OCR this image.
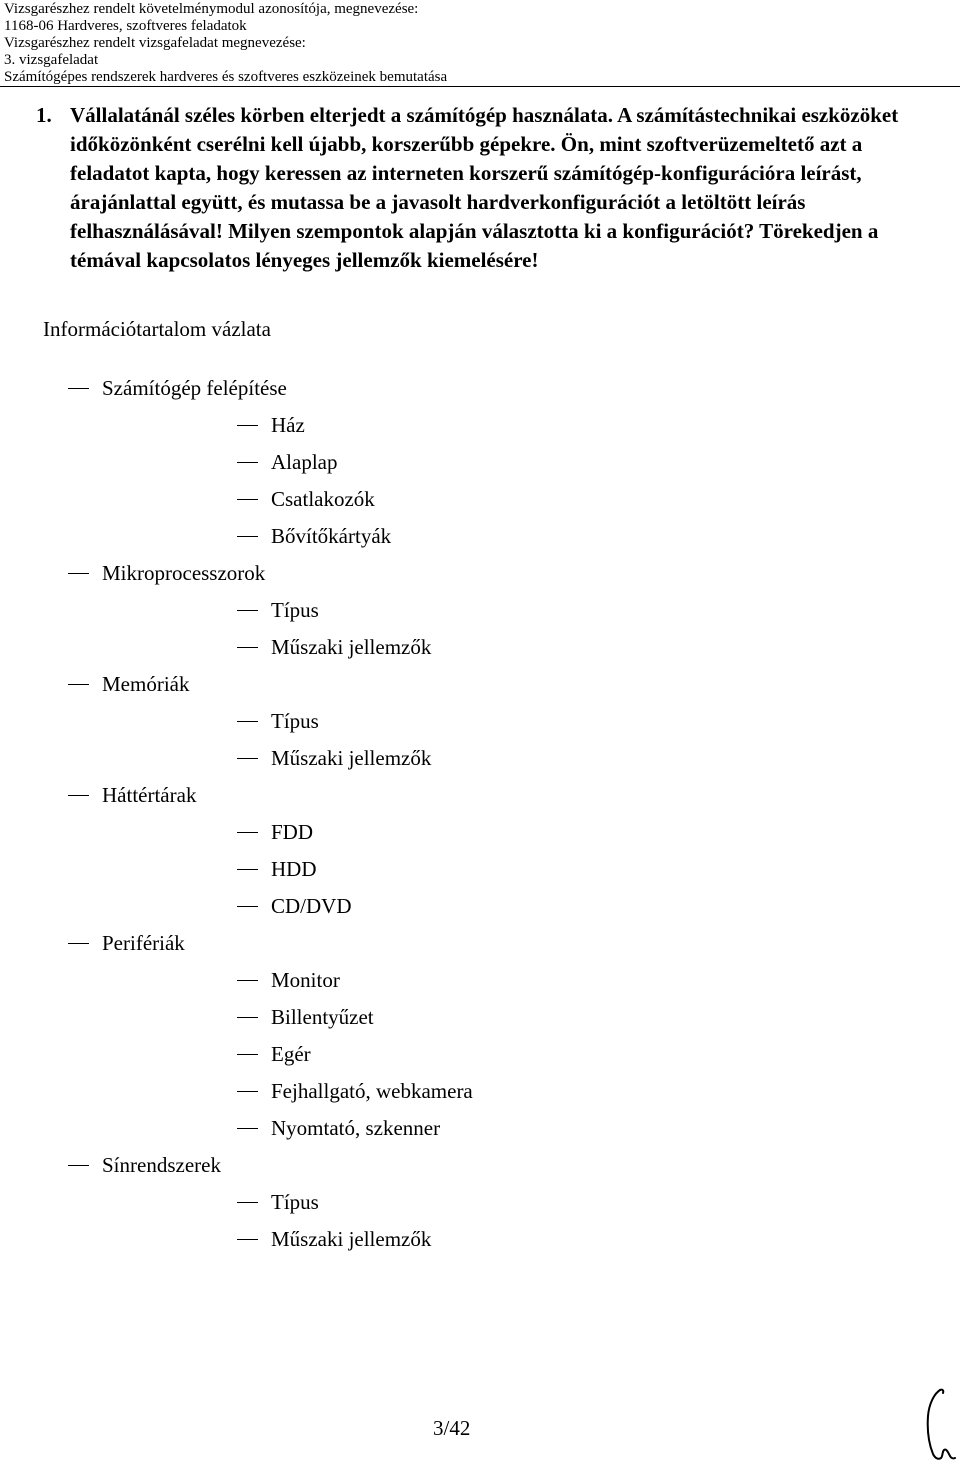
Vizsgarészhez rendelt követelménymodul azonosítója, megnevezése:
1168-06 Hardveres, szoftveres feladatok
Vizsgarészhez rendelt vizsgafeladat megnevezése:
3. vizsgafeladat
Számítógépes rendszerek hardveres és szoftveres eszközeinek bemutatása
1. Vállalatánál széles körben elterjedt a számítógép használata. A számítástechnikai eszközöket időközönként cserélni kell újabb, korszerűbb gépekre. Ön, mint szoftverüzemeltető azt a feladatot kapta, hogy keressen az interneten korszerű számítógép-konfigurációra leírást, árajánlattal együtt, és mutassa be a javasolt hardverkonfigurációt a letöltött leírás felhasználásával! Milyen szempontok alapján választotta ki a konfigurációt? Törekedjen a témával kapcsolatos lényeges jellemzők kiemelésére!
Információtartalom vázlata
Számítógép felépítése
Ház
Alaplap
Csatlakozók
Bővítőkártyák
Mikroprocesszorok
Típus
Műszaki jellemzők
Memóriák
Típus
Műszaki jellemzők
Háttértárak
FDD
HDD
CD/DVD
Perifériák
Monitor
Billentyűzet
Egér
Fejhallgató, webkamera
Nyomtató, szkenner
Sínrendszerek
Típus
Műszaki jellemzők
3/42
